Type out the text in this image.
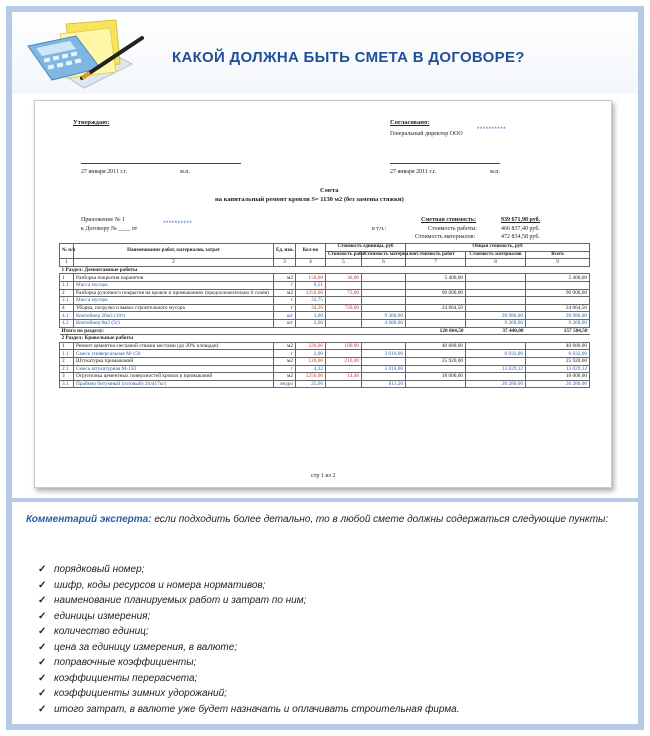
КАКОЙ ДОЛЖНА БЫТЬ СМЕТА В ДОГОВОРЕ?
Утверждаю:	Согласовано:
Генеральный директор ООО
**********
27 января 2011 г.г.	м.п.	27 января 2011 г.г.	м.п.
Смета
на капитальный ремонт кровли S= 1130 м2 (без замены стяжки)
Приложение № 1
к Договору № ____ от
**********
Сметная стоимость:	939 671,98 руб.
в т.ч.:	Стоимость работы:	466 837,40 руб.
Стоимость материалов:	472 834,58 руб.
№ п/п	Наименование работ, материалов, затрат	Ед. изм.	Кол-во	Стоимость единицы, руб		Общая стоимость, руб		
				Стоимость работ	Стоимость материалов	Стоимость работ	Стоимость материалов	Всего
1	2	3	4	5	6	7	8	9
1 Раздел: Демонтажные работы								
1	Разборка покрытия парапетов	м2	150,00	36,00		5 400,00		5 400,00
1.1	Масса мусора	т	0,51					
2	Разборка рулонного покрытия на кровле и примыканиях (предположительно 6 слоёв)	м2	1250,00	72,00		90 000,00		90 000,00
2.1	Масса мусора	т	33,75					
4	Уборка, погрузка и вывоз строительного мусора	т	34,26	720,00		24 664,50		24 664,50
4.1	Контейнер 20м3 (10т)	шт	3,00		9 360,00		28 080,00	28 080,00
4.2	Контейнер 8м3 (5т)	шт	2,00		4 680,00		9 360,00	9 360,00
Итого по разделу:						120 064,50	37 440,00	157 504,50
2 Раздел: Кровельные работы								
1	Ремонт цементно-песчаной стяжки местами (до 20% площади)	м2	226,00	180,00		40 680,00		40 680,00
1.1	Смесь универсальная М-150	т	2,00		3 016,00		6 032,00	6 032,00
2	Штукатурка примыканий	м2	120,00	216,00		25 920,00		25 920,00
2.1	Смесь штукатурная М-150	т	4,32		3 016,00		13 029,12	13 029,12
3	Огрунтовка цементных поверхностей кровли и примыканий	м2	1250,00	14,40		18 000,00		18 000,00
3.1	Праймер битумный (готовый) 20л(17кг)	ведро	25,00		811,20		20 280,00	20 280,00
стр 1 из 2
Комментарий эксперта: если подходить более детально, то в любой смете должны содержаться следующие пункты:
✓ порядковый номер;
✓ шифр, коды ресурсов и номера нормативов;
✓ наименование планируемых работ и затрат по ним;
✓ единицы измерения;
✓ количество единиц;
✓ цена за единицу измерения, в валюте;
✓ поправочные коэффициенты;
✓ коэффициенты перерасчета;
✓ коэффициенты зимних удорожаний;
✓ итого затрат, в валюте уже будет назначать и оплачивать строительная фирма.
